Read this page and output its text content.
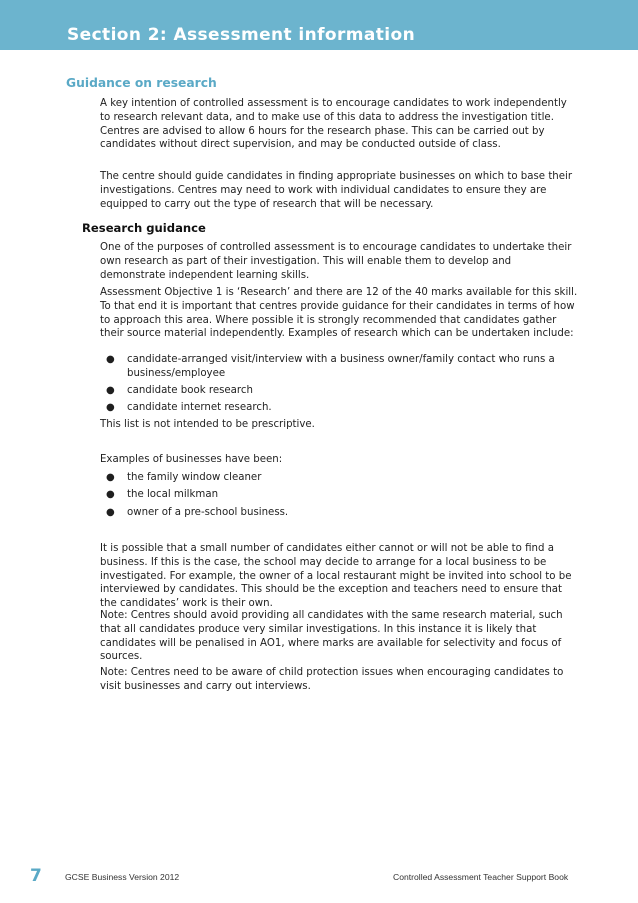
Section 2: Assessment information
Guidance on research

A key intention of controlled assessment is to encourage candidates to work independently to research relevant data, and to make use of this data to address the investigation title. Centres are advised to allow 6 hours for the research phase. This can be carried out by candidates without direct supervision, and may be conducted outside of class.

The centre should guide candidates in finding appropriate businesses on which to base their investigations. Centres may need to work with individual candidates to ensure they are equipped to carry out the type of research that will be necessary.

Research guidance

One of the purposes of controlled assessment is to encourage candidates to undertake their own research as part of their investigation. This will enable them to develop and demonstrate independent learning skills.

Assessment Objective 1 is ‘Research’ and there are 12 of the 40 marks available for this skill. To that end it is important that centres provide guidance for their candidates in terms of how to approach this area. Where possible it is strongly recommended that candidates gather their source material independently. Examples of research which can be undertaken include:

● candidate-arranged visit/interview with a business owner/family contact who runs a business/employee
● candidate book research
● candidate internet research.

This list is not intended to be prescriptive.

Examples of businesses have been:

● the family window cleaner
● the local milkman
● owner of a pre-school business.

It is possible that a small number of candidates either cannot or will not be able to find a business. If this is the case, the school may decide to arrange for a local business to be investigated. For example, the owner of a local restaurant might be invited into school to be interviewed by candidates. This should be the exception and teachers need to ensure that the candidates’ work is their own.

Note: Centres should avoid providing all candidates with the same research material, such that all candidates produce very similar investigations. In this instance it is likely that candidates will be penalised in AO1, where marks are available for selectivity and focus of sources.

Note: Centres need to be aware of child protection issues when encouraging candidates to visit businesses and carry out interviews.

7	GCSE Business Version 2012	Controlled Assessment Teacher Support Book
